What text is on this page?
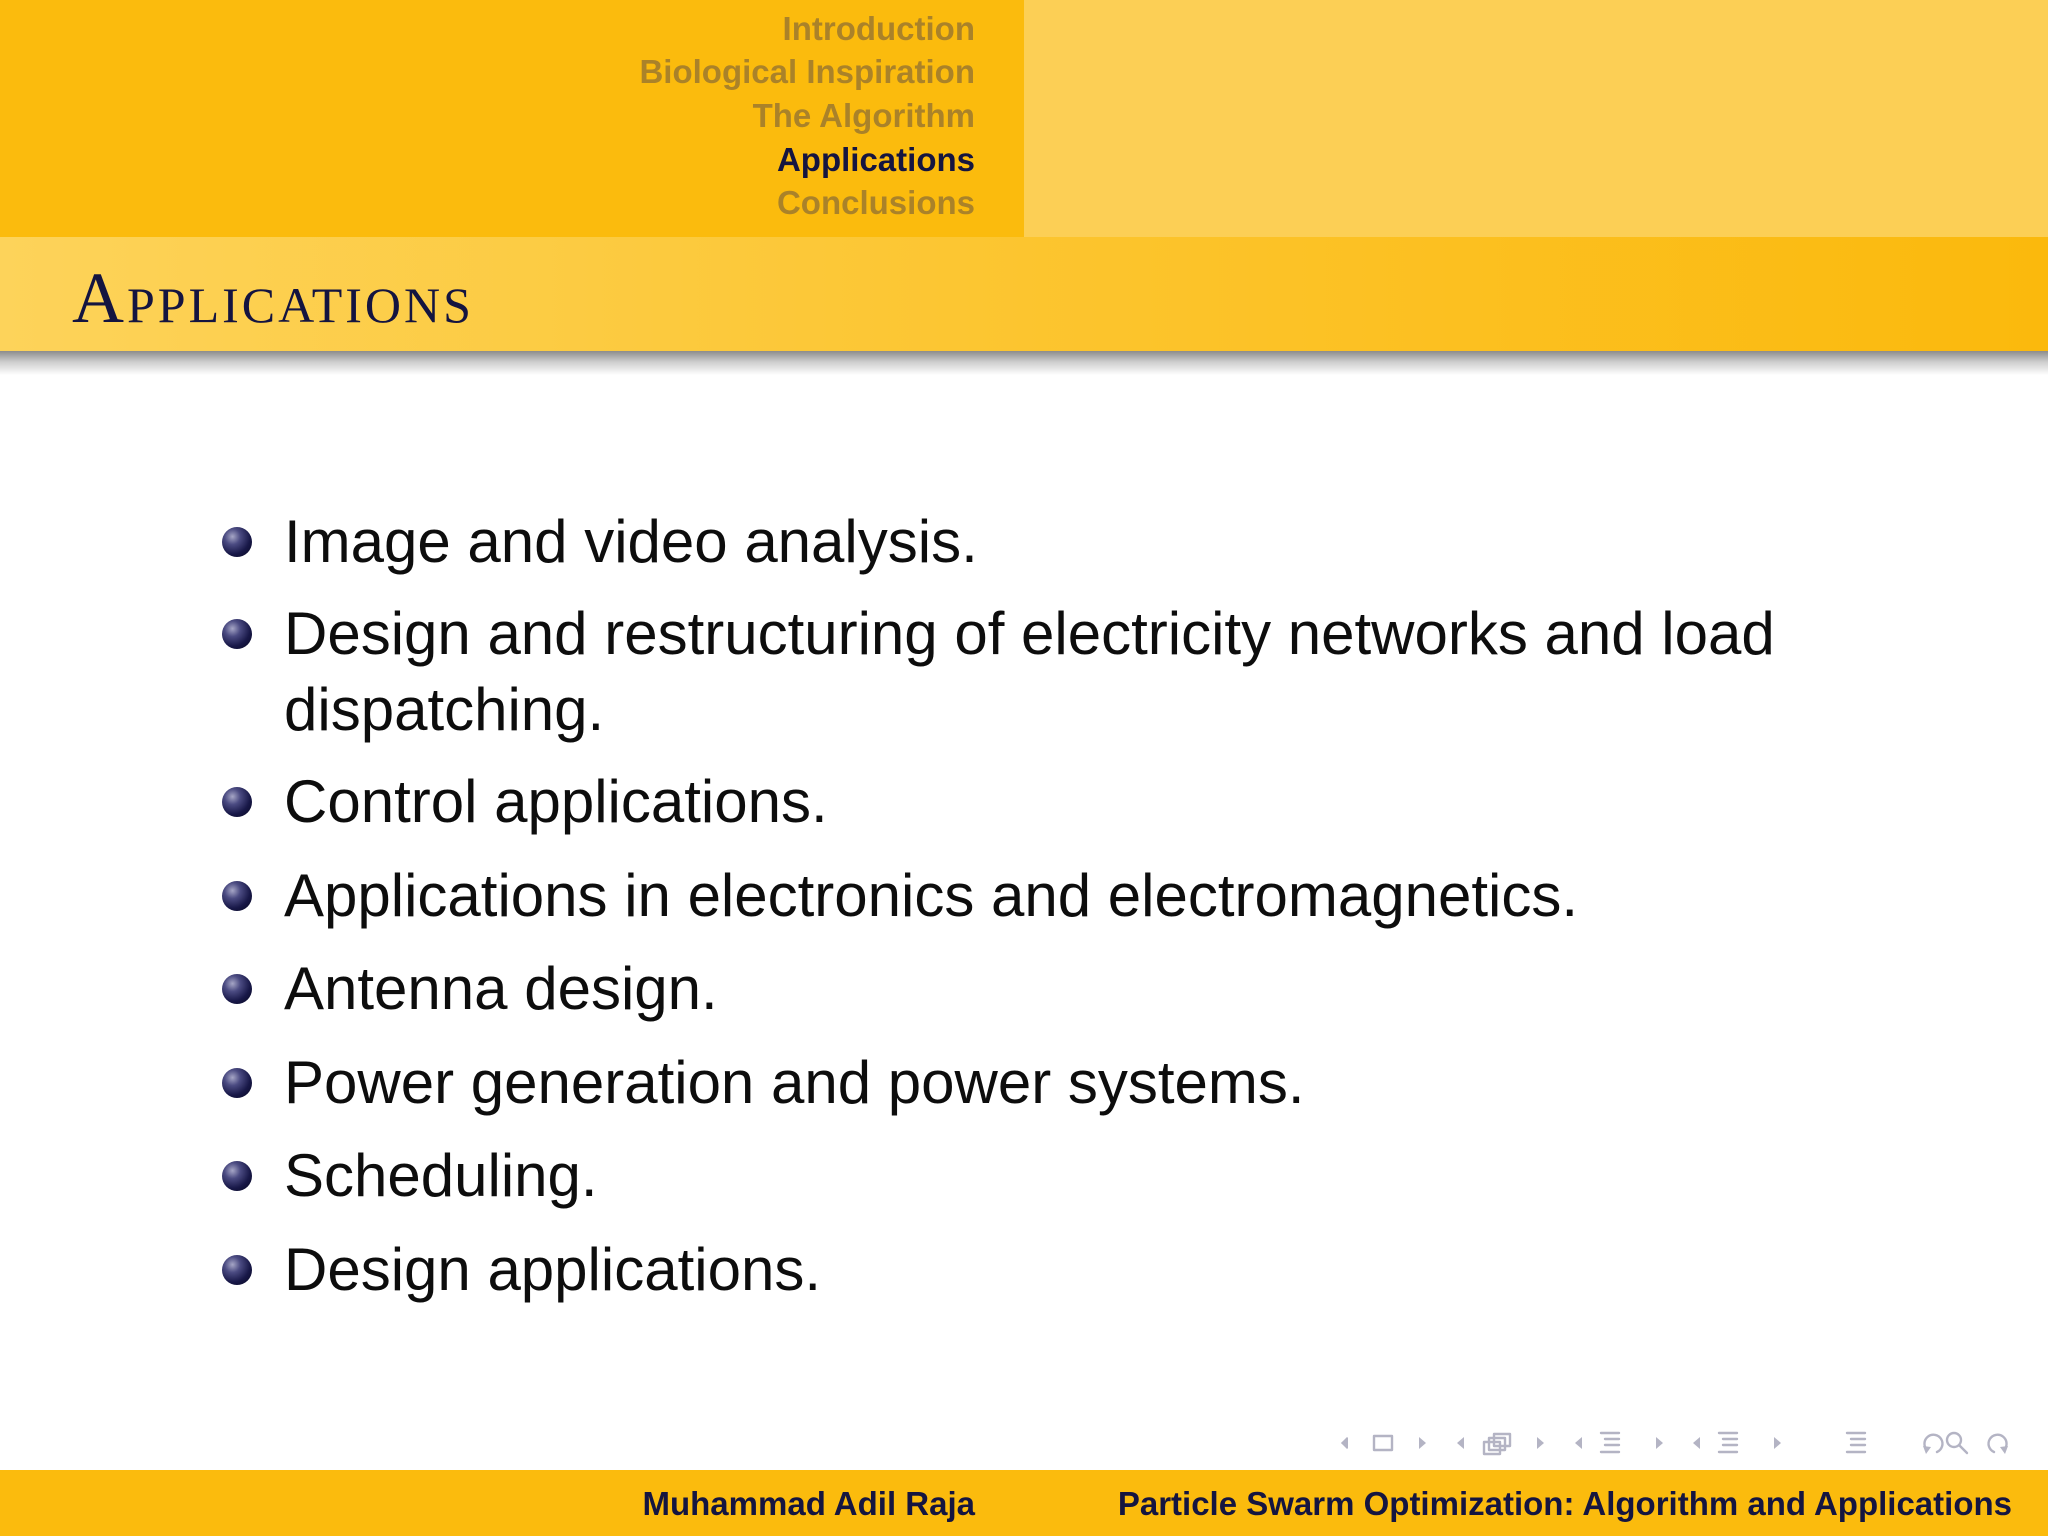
Introduction
Biological Inspiration
The Algorithm
Applications
Conclusions
Applications
Image and video analysis.
Design and restructuring of electricity networks and load dispatching.
Control applications.
Applications in electronics and electromagnetics.
Antenna design.
Power generation and power systems.
Scheduling.
Design applications.
Muhammad Adil Raja	Particle Swarm Optimization: Algorithm and Applications
